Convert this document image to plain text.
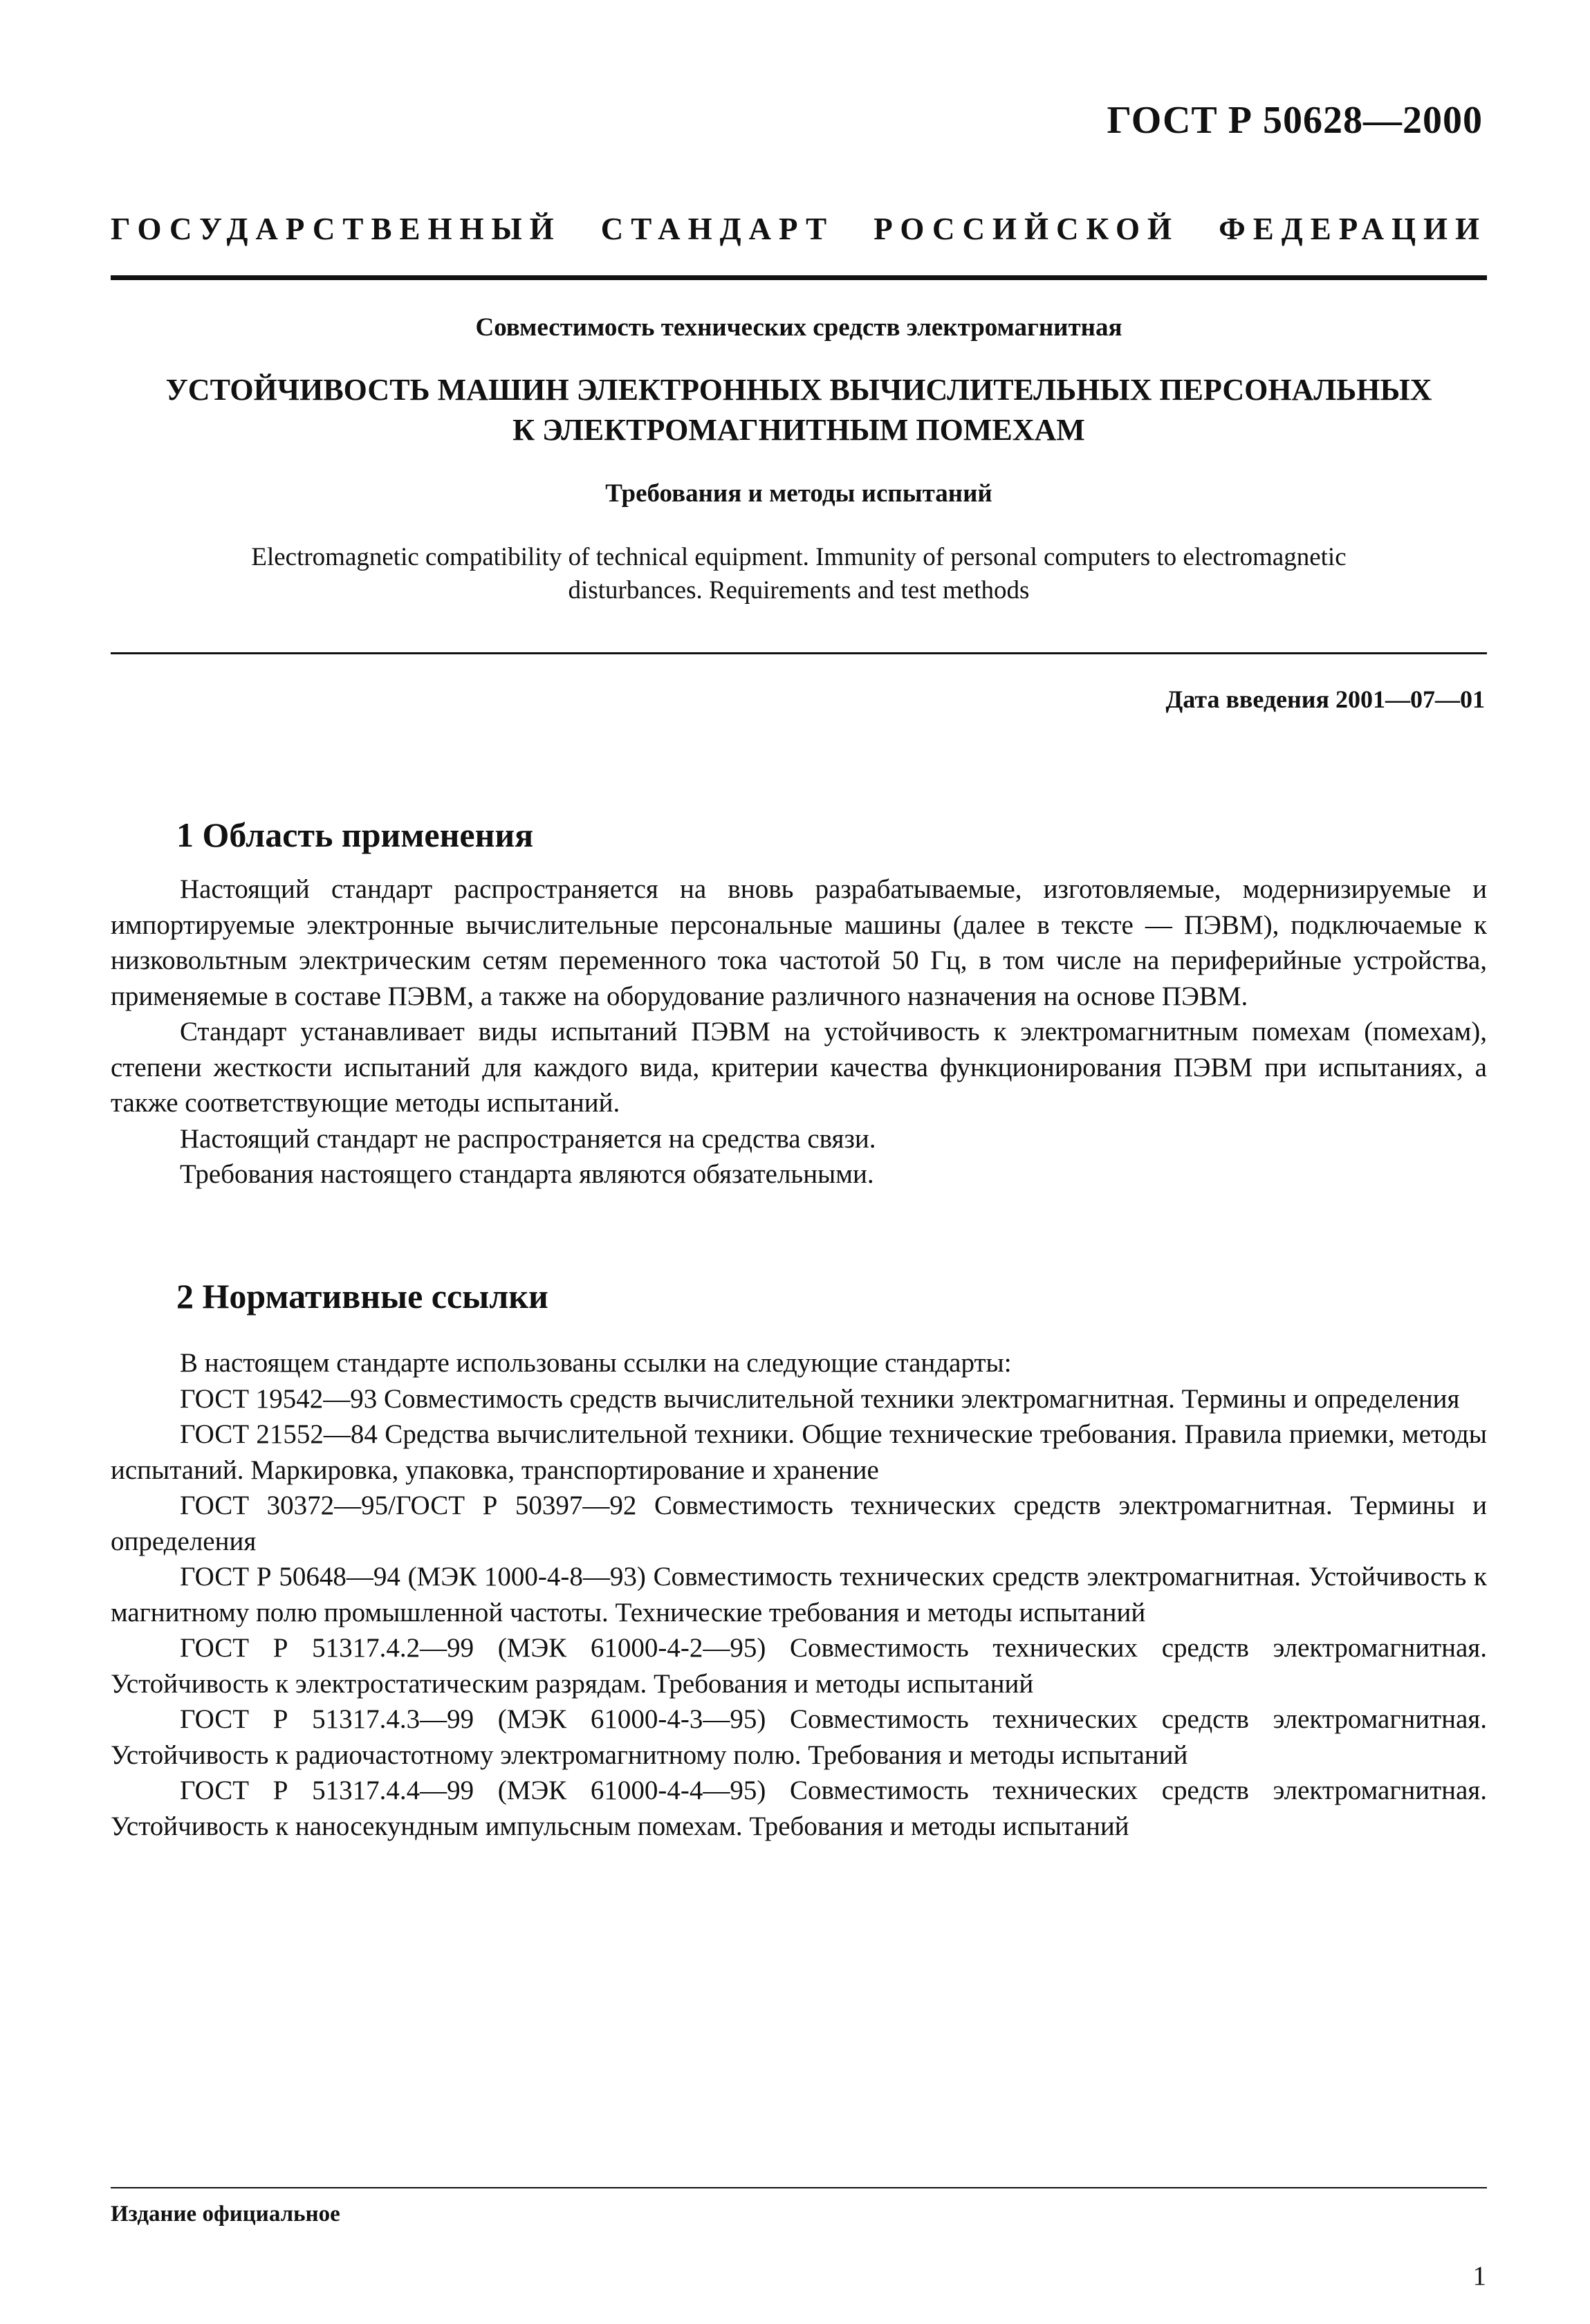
ГОСТ Р 50628—2000

ГОСУДАРСТВЕННЫЙ СТАНДАРТ РОССИЙСКОЙ ФЕДЕРАЦИИ

Совместимость технических средств электромагнитная

УСТОЙЧИВОСТЬ МАШИН ЭЛЕКТРОННЫХ ВЫЧИСЛИТЕЛЬНЫХ ПЕРСОНАЛЬНЫХ
К ЭЛЕКТРОМАГНИТНЫМ ПОМЕХАМ

Требования и методы испытаний

Electromagnetic compatibility of technical equipment. Immunity of personal computers to electromagnetic
disturbances. Requirements and test methods

Дата введения 2001—07—01

1 Область применения

Настоящий стандарт распространяется на вновь разрабатываемые, изготовляемые, модернизируемые и импортируемые электронные вычислительные персональные машины (далее в тексте — ПЭВМ), подключаемые к низковольтным электрическим сетям переменного тока частотой 50 Гц, в том числе на периферийные устройства, применяемые в составе ПЭВМ, а также на оборудование различного назначения на основе ПЭВМ.

Стандарт устанавливает виды испытаний ПЭВМ на устойчивость к электромагнитным помехам (помехам), степени жесткости испытаний для каждого вида, критерии качества функционирования ПЭВМ при испытаниях, а также соответствующие методы испытаний.

Настоящий стандарт не распространяется на средства связи.

Требования настоящего стандарта являются обязательными.

2 Нормативные ссылки

В настоящем стандарте использованы ссылки на следующие стандарты:

ГОСТ 19542—93 Совместимость средств вычислительной техники электромагнитная. Термины и определения

ГОСТ 21552—84 Средства вычислительной техники. Общие технические требования. Правила приемки, методы испытаний. Маркировка, упаковка, транспортирование и хранение

ГОСТ 30372—95/ГОСТ Р 50397—92 Совместимость технических средств электромагнитная. Термины и определения

ГОСТ Р 50648—94 (МЭК 1000-4-8—93) Совместимость технических средств электромагнитная. Устойчивость к магнитному полю промышленной частоты. Технические требования и методы испытаний

ГОСТ Р 51317.4.2—99 (МЭК 61000-4-2—95) Совместимость технических средств электромагнитная. Устойчивость к электростатическим разрядам. Требования и методы испытаний

ГОСТ Р 51317.4.3—99 (МЭК 61000-4-3—95) Совместимость технических средств электромагнитная. Устойчивость к радиочастотному электромагнитному полю. Требования и методы испытаний

ГОСТ Р 51317.4.4—99 (МЭК 61000-4-4—95) Совместимость технических средств электромагнитная. Устойчивость к наносекундным импульсным помехам. Требования и методы испытаний

Издание официальное

1
